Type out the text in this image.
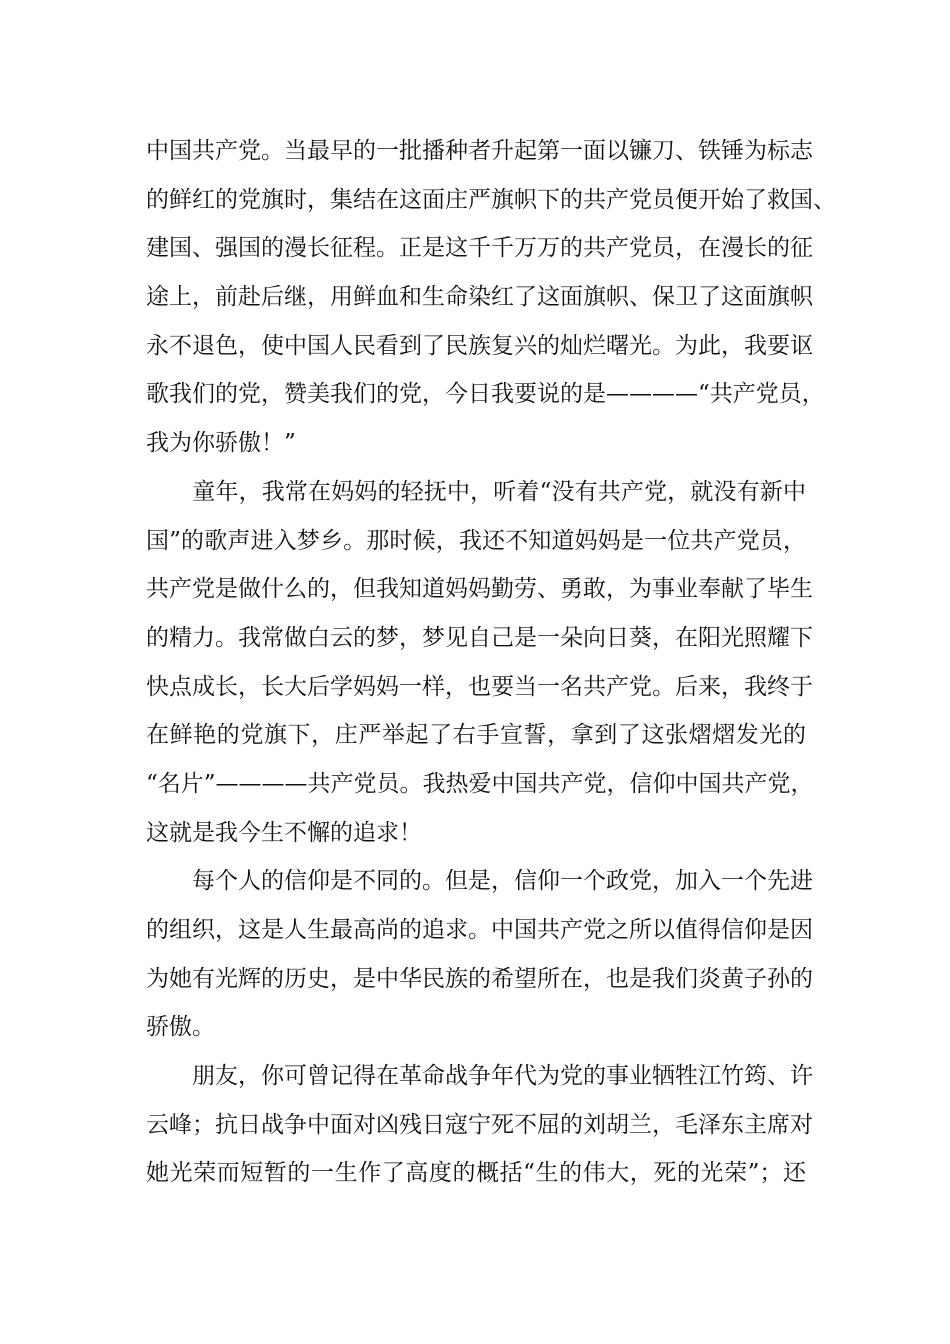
中国共产党。当最早的一批播种者升起第一面以镰刀、铁锤为标志
的鲜红的党旗时，集结在这面庄严旗帜下的共产党员便开始了救国、
建国、强国的漫长征程。正是这千千万万的共产党员，在漫长的征
途上，前赴后继，用鲜血和生命染红了这面旗帜、保卫了这面旗帜
永不退色，使中国人民看到了民族复兴的灿烂曙光。为此，我要讴
歌我们的党，赞美我们的党，今日我要说的是————“共产党员，
我为你骄傲！”
　　童年，我常在妈妈的轻抚中，听着“没有共产党，就没有新中
国”的歌声进入梦乡。那时候，我还不知道妈妈是一位共产党员，
共产党是做什么的，但我知道妈妈勤劳、勇敢，为事业奉献了毕生
的精力。我常做白云的梦，梦见自己是一朵向日葵，在阳光照耀下
快点成长，长大后学妈妈一样，也要当一名共产党。后来，我终于
在鲜艳的党旗下，庄严举起了右手宣誓，拿到了这张熠熠发光的
“名片”————共产党员。我热爱中国共产党，信仰中国共产党，
这就是我今生不懈的追求！
　　每个人的信仰是不同的。但是，信仰一个政党，加入一个先进
的组织，这是人生最高尚的追求。中国共产党之所以值得信仰是因
为她有光辉的历史，是中华民族的希望所在，也是我们炎黄子孙的
骄傲。
　　朋友，你可曾记得在革命战争年代为党的事业牺牲江竹筠、许
云峰；抗日战争中面对凶残日寇宁死不屈的刘胡兰，毛泽东主席对
她光荣而短暂的一生作了高度的概括“生的伟大，死的光荣”；还
